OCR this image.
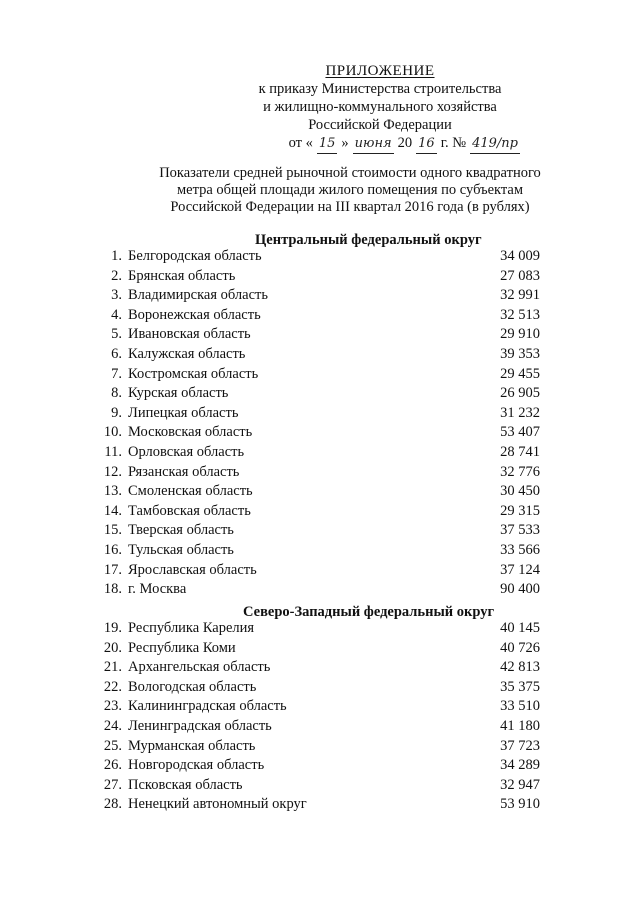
ПРИЛОЖЕНИЕ
к приказу Министерства строительства
и жилищно-коммунального хозяйства
Российской Федерации
от « 15 » июня 20 16 г. № 419/пр
Показатели средней рыночной стоимости одного квадратного
метра общей площади жилого помещения по субъектам
Российской Федерации на III квартал 2016 года (в рублях)
Центральный федеральный округ
1. Белгородская область	34 009
2. Брянская область	27 083
3. Владимирская область	32 991
4. Воронежская область	32 513
5. Ивановская область	29 910
6. Калужская область	39 353
7. Костромская область	29 455
8. Курская область	26 905
9. Липецкая область	31 232
10. Московская область	53 407
11. Орловская область	28 741
12. Рязанская область	32 776
13. Смоленская область	30 450
14. Тамбовская область	29 315
15. Тверская область	37 533
16. Тульская область	33 566
17. Ярославская область	37 124
18. г. Москва	90 400
Северо-Западный федеральный округ
19. Республика Карелия	40 145
20. Республика Коми	40 726
21. Архангельская область	42 813
22. Вологодская область	35 375
23. Калининградская область	33 510
24. Ленинградская область	41 180
25. Мурманская область	37 723
26. Новгородская область	34 289
27. Псковская область	32 947
28. Ненецкий автономный округ	53 910
